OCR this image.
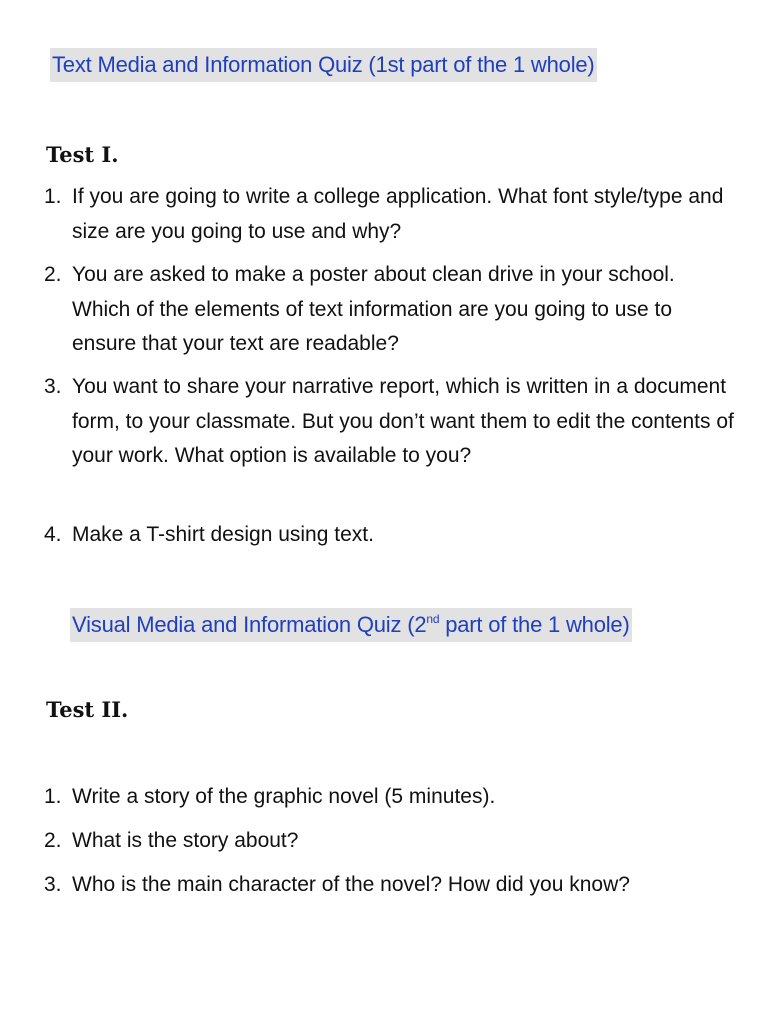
Text Media and Information Quiz (1st part of the 1 whole)
Test I.
1. If you are going to write a college application. What font style/type and size are you going to use and why?
2. You are asked to make a poster about clean drive in your school. Which of the elements of text information are you going to use to ensure that your text are readable?
3. You want to share your narrative report, which is written in a document form, to your classmate. But you don’t want them to edit the contents of your work. What option is available to you?
4. Make a T-shirt design using text.
Visual Media and Information Quiz (2nd part of the 1 whole)
Test II.
1. Write a story of the graphic novel (5 minutes).
2. What is the story about?
3. Who is the main character of the novel? How did you know?
